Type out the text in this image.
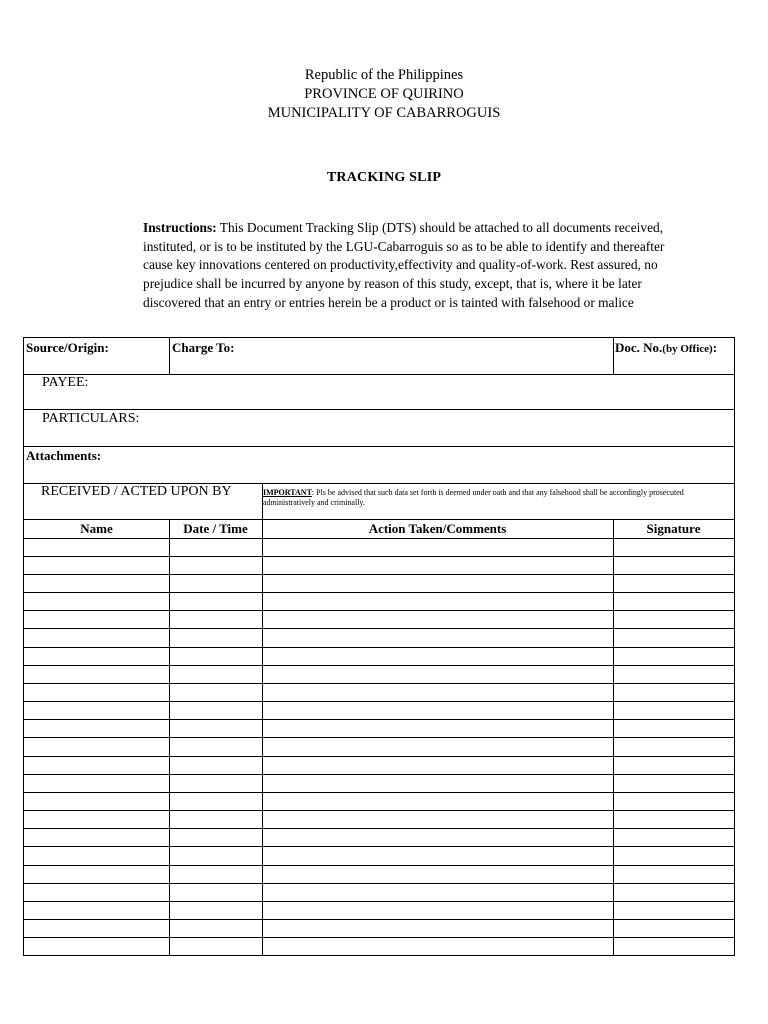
Republic of the Philippines
PROVINCE OF QUIRINO
MUNICIPALITY OF CABARROGUIS
TRACKING SLIP
Instructions: This Document Tracking Slip (DTS) should be attached to all documents received,
instituted, or is to be instituted by the LGU-Cabarroguis so as to be able to identify and thereafter
cause key innovations centered on productivity,effectivity and quality-of-work. Rest assured, no
prejudice shall be incurred by anyone by reason of this study, except, that is, where it be later
discovered that an entry or entries herein be a product or is tainted with falsehood or malice
Source/Origin:	Charge To:	Doc. No.(by Office):
PAYEE:
PARTICULARS:
Attachments:
RECEIVED / ACTED UPON BY	IMPORTANT: Pls be advised that such data set forth is deemed under oath and that any falsehood shall be accordingly prosecuted administratively and criminally.
Name	Date / Time	Action Taken/Comments	Signature
